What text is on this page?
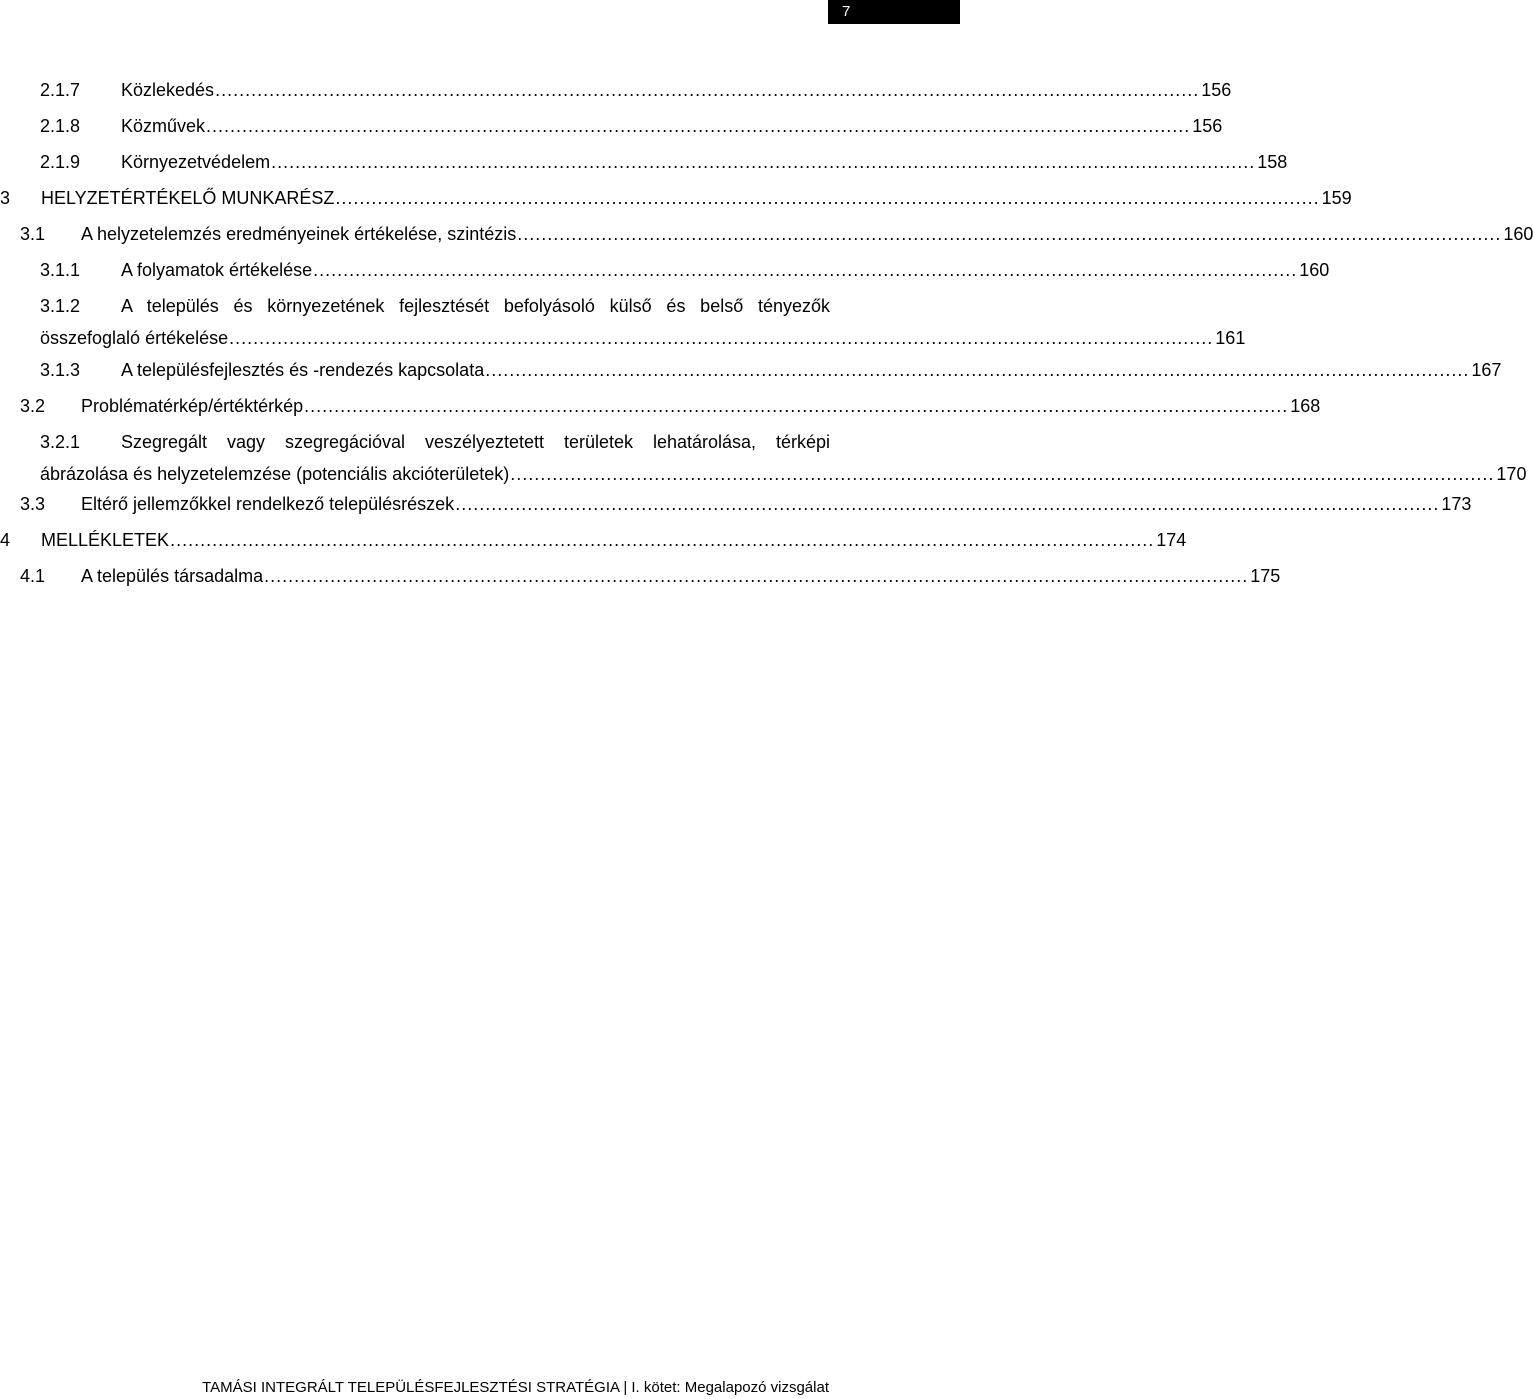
7
2.1.7	Közlekedés .................................................................................................................................................................... 156
2.1.8	Közművek .................................................................................................................................................................... 156
2.1.9	Környezetvédelem .................................................................................................................................................................... 158
3	HELYZETÉRTÉKELŐ MUNKARÉSZ .................................................................................................................................................................... 159
3.1	A helyzetelemzés eredményeinek értékelése, szintézis .................................................................................................................................................................... 160
3.1.1	A folyamatok értékelése .................................................................................................................................................................... 160
3.1.2	A település és környezetének fejlesztését befolyásoló külső és belső tényezők
összefoglaló értékelése .................................................................................................................................................................... 161
3.1.3	A településfejlesztés és -rendezés kapcsolata .................................................................................................................................................................... 167
3.2	Problématérkép/értéktérkép .................................................................................................................................................................... 168
3.2.1	Szegregált vagy szegregációval veszélyeztetett területek lehatárolása, térképi
ábrázolása és helyzetelemzése (potenciális akcióterületek) .................................................................................................................................................................... 170
3.3	Eltérő jellemzőkkel rendelkező településrészek .................................................................................................................................................................... 173
4	MELLÉKLETEK .................................................................................................................................................................... 174
4.1	A település társadalma .................................................................................................................................................................... 175
TAMÁSI INTEGRÁLT TELEPÜLÉSFEJLESZTÉSI STRATÉGIA | I. kötet: Megalapozó vizsgálat
